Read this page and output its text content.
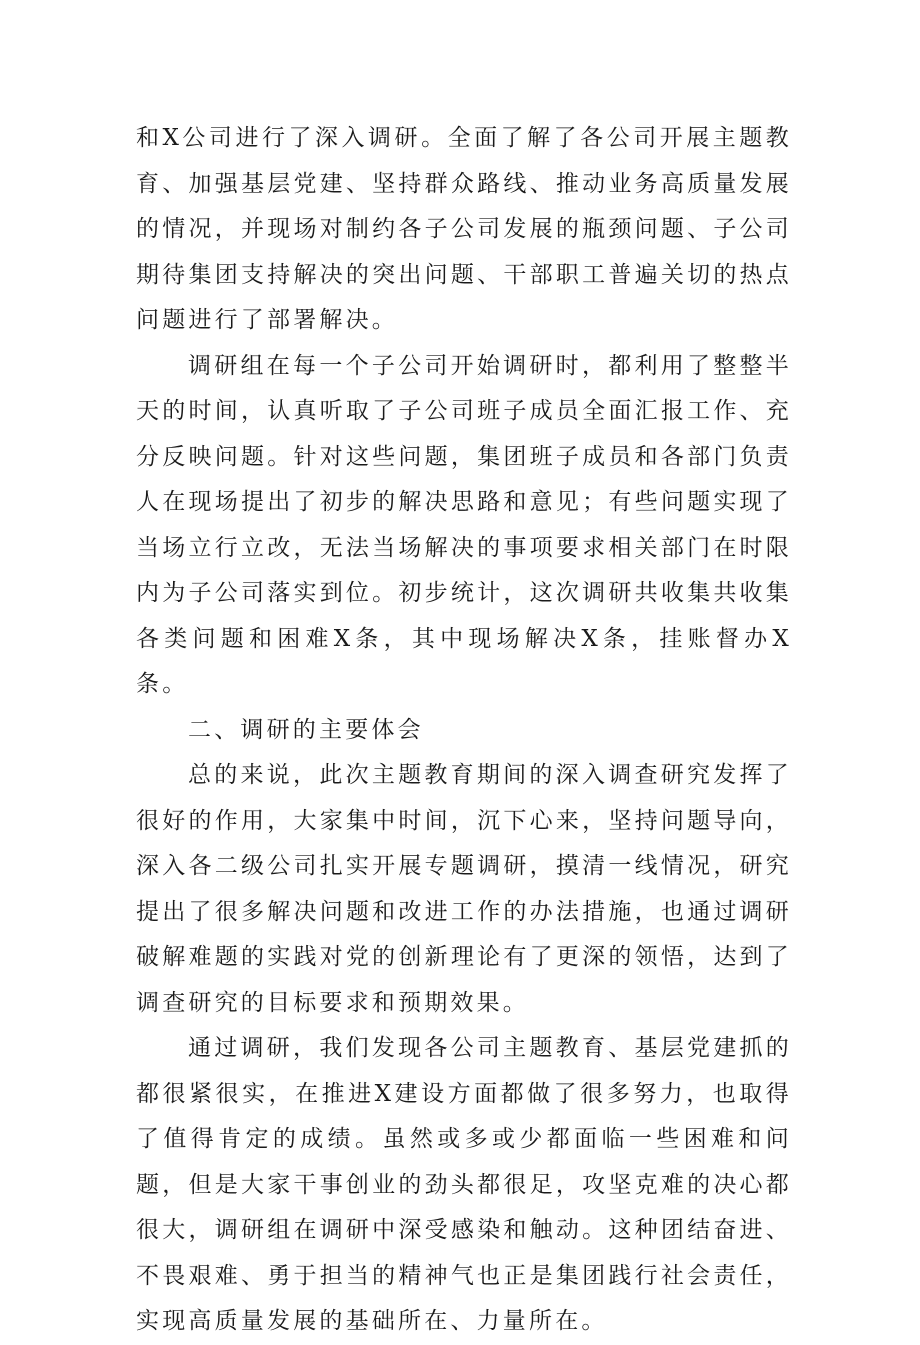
和X公司进行了深入调研。全面了解了各公司开展主题教育、加强基层党建、坚持群众路线、推动业务高质量发展的情况，并现场对制约各子公司发展的瓶颈问题、子公司期待集团支持解决的突出问题、干部职工普遍关切的热点问题进行了部署解决。

调研组在每一个子公司开始调研时，都利用了整整半天的时间，认真听取了子公司班子成员全面汇报工作、充分反映问题。针对这些问题，集团班子成员和各部门负责人在现场提出了初步的解决思路和意见；有些问题实现了当场立行立改，无法当场解决的事项要求相关部门在时限内为子公司落实到位。初步统计，这次调研共收集共收集各类问题和困难X条，其中现场解决X条，挂账督办X条。

二、调研的主要体会

总的来说，此次主题教育期间的深入调查研究发挥了很好的作用，大家集中时间，沉下心来，坚持问题导向，深入各二级公司扎实开展专题调研，摸清一线情况，研究提出了很多解决问题和改进工作的办法措施，也通过调研破解难题的实践对党的创新理论有了更深的领悟，达到了调查研究的目标要求和预期效果。

通过调研，我们发现各公司主题教育、基层党建抓的都很紧很实，在推进X建设方面都做了很多努力，也取得了值得肯定的成绩。虽然或多或少都面临一些困难和问题，但是大家干事创业的劲头都很足，攻坚克难的决心都很大，调研组在调研中深受感染和触动。这种团结奋进、不畏艰难、勇于担当的精神气也正是集团践行社会责任，实现高质量发展的基础所在、力量所在。
